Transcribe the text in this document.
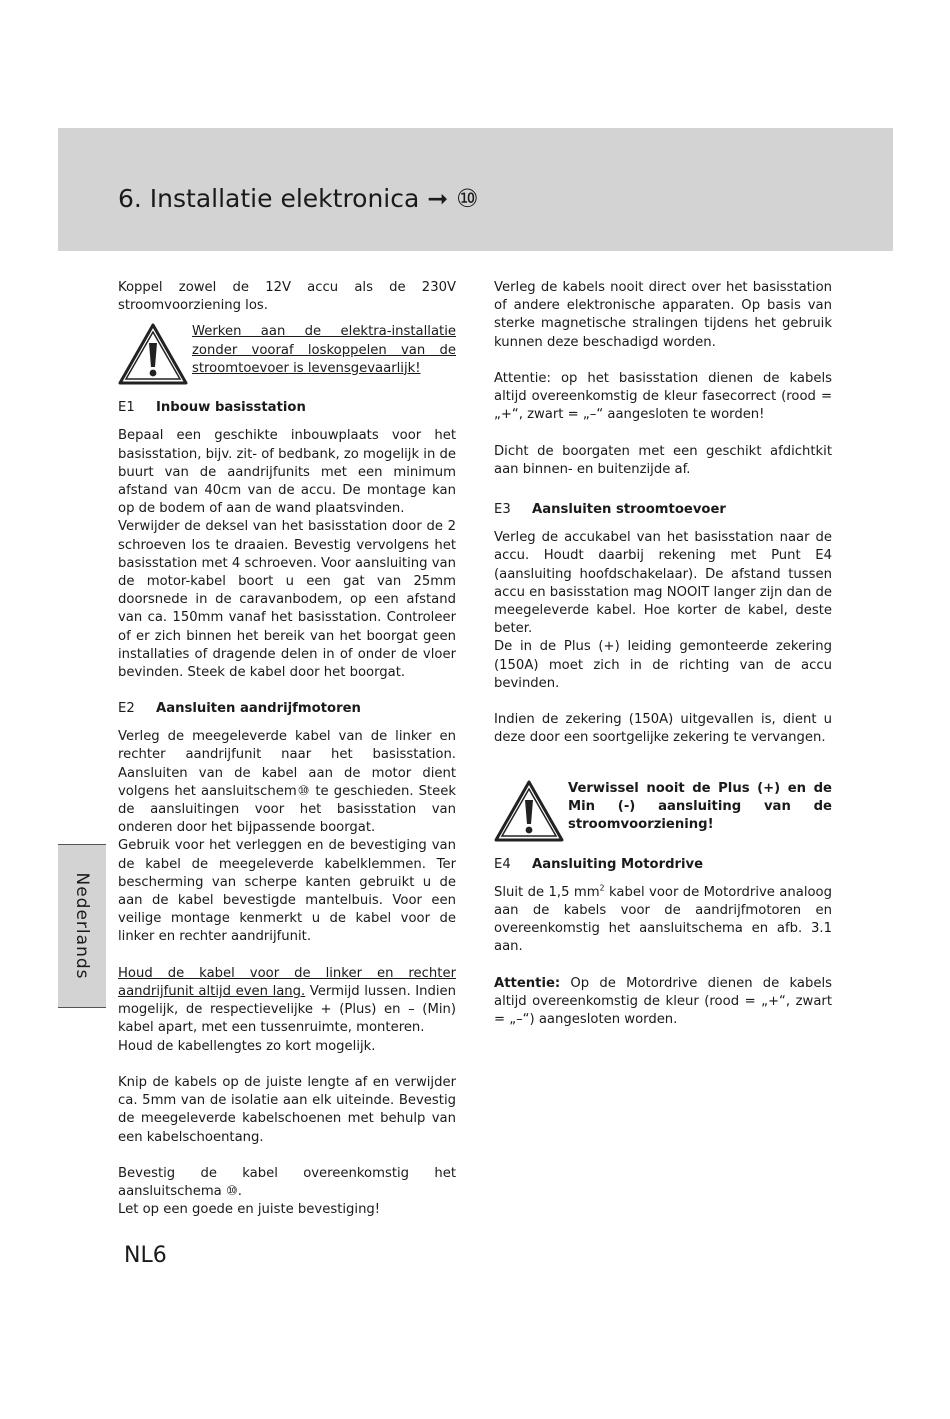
6. Installatie elektronica ➞ ⑩

Koppel zowel de 12V accu als de 230V stroomvoorziening los.

Werken aan de elektra-installatie zonder vooraf loskoppelen van de stroomtoevoer is levensgevaarlijk!

E1 Inbouw basisstation

Bepaal een geschikte inbouwplaats voor het basisstation, bijv. zit- of bedbank, zo mogelijk in de buurt van de aandrijfunits met een minimum afstand van 40cm van de accu. De montage kan op de bodem of aan de wand plaatsvinden.

Verwijder de deksel van het basisstation door de 2 schroeven los te draaien. Bevestig vervolgens het basisstation met 4 schroeven. Voor aansluiting van de motor-kabel boort u een gat van 25mm doorsnede in de caravanbodem, op een afstand van ca. 150mm vanaf het basisstation. Controleer of er zich binnen het bereik van het boorgat geen installaties of dragende delen in of onder de vloer bevinden. Steek de kabel door het boorgat.

E2 Aansluiten aandrijfmotoren

Verleg de meegeleverde kabel van de linker en rechter aandrijfunit naar het basisstation. Aansluiten van de kabel aan de motor dient volgens het aansluitschem⑩ te geschieden. Steek de aansluitingen voor het basisstation van onderen door het bijpassende boorgat.

Gebruik voor het verleggen en de bevestiging van de kabel de meegeleverde kabelklemmen. Ter bescherming van scherpe kanten gebruikt u de aan de kabel bevestigde mantelbuis. Voor een veilige montage kenmerkt u de kabel voor de linker en rechter aandrijfunit.

Houd de kabel voor de linker en rechter aandrijfunit altijd even lang. Vermijd lussen. Indien mogelijk, de respectievelijke + (Plus) en – (Min) kabel apart, met een tussenruimte, monteren.

Houd de kabellengtes zo kort mogelijk.

Knip de kabels op de juiste lengte af en verwijder ca. 5mm van de isolatie aan elk uiteinde. Bevestig de meegeleverde kabelschoenen met behulp van een kabelschoentang.

Bevestig de kabel overeenkomstig het aansluitschema ⑩.

Let op een goede en juiste bevestiging!

Verleg de kabels nooit direct over het basisstation of andere elektronische apparaten. Op basis van sterke magnetische stralingen tijdens het gebruik kunnen deze beschadigd worden.

Attentie: op het basisstation dienen de kabels altijd overeenkomstig de kleur fasecorrect (rood = „+“, zwart = „–“ aangesloten te worden!

Dicht de boorgaten met een geschikt afdichtkit aan binnen- en buitenzijde af.

E3 Aansluiten stroomtoevoer

Verleg de accukabel van het basisstation naar de accu. Houdt daarbij rekening met Punt E4 (aansluiting hoofdschakelaar). De afstand tussen accu en basisstation mag NOOIT langer zijn dan de meegeleverde kabel. Hoe korter de kabel, deste beter.

De in de Plus (+) leiding gemonteerde zekering (150A) moet zich in de richting van de accu bevinden.

Indien de zekering (150A) uitgevallen is, dient u deze door een soortgelijke zekering te vervangen.

Verwissel nooit de Plus (+) en de Min (-) aansluiting van de stroomvoorziening!

E4 Aansluiting Motordrive

Sluit de 1,5 $mm^2$ kabel voor de Motordrive analoog aan de kabels voor de aandrijfmotoren en overeenkomstig het aansluitschema en afb. 3.1 aan.

Attentie: Op de Motordrive dienen de kabels altijd overeenkomstig de kleur (rood = „+“, zwart = „–“) aangesloten worden.

Nederlands
NL6
